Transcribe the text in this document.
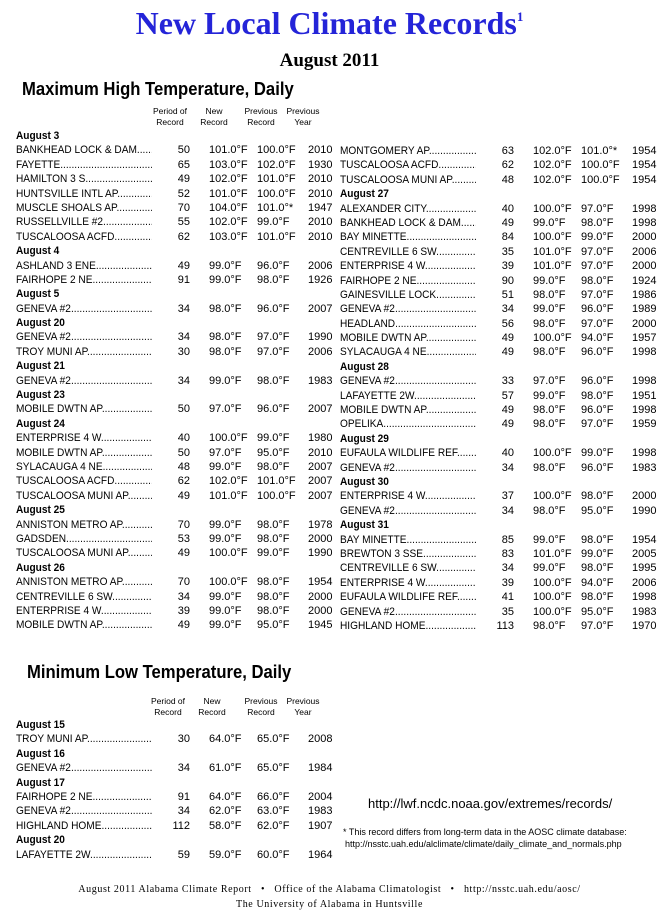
New Local Climate Records$^1$
August 2011
Maximum High Temperature, Daily
Period of Record
New Record
Previous Record
Previous Year
August 3
BANKHEAD LOCK & DAM .....	50 101.0°F 100.0°F	2010
FAYETTE .....	65 103.0°F 102.0°F	1930
HAMILTON 3 S .....	49 102.0°F 101.0°F	2010
HUNTSVILLE INTL AP .....	52 101.0°F 100.0°F	2010
MUSCLE SHOALS AP .....	70 104.0°F 101.0°*	1947
RUSSELLVILLE #2 .....	55 102.0°F 99.0°F	2010
TUSCALOOSA ACFD .....	62 103.0°F 101.0°F	2010
August 4
ASHLAND 3 ENE .....	49 99.0°F	96.0°F	2006
FAIRHOPE 2 NE .....	91 99.0°F	98.0°F	1926
August 5
GENEVA #2 .....	34 98.0°F	96.0°F	2007
August 20
GENEVA #2 .....	34 98.0°F	97.0°F	1990
TROY MUNI AP .....	30 98.0°F	97.0°F	2006
August 21
GENEVA #2 .....	34 99.0°F	98.0°F	1983
August 23
MOBILE DWTN AP .....	50 97.0°F	96.0°F	2007
August 24
ENTERPRISE 4 W .....	40 100.0°F 99.0°F	1980
MOBILE DWTN AP .....	50 97.0°F	95.0°F	2010
SYLACAUGA 4 NE .....	48 99.0°F	98.0°F	2007
TUSCALOOSA ACFD .....	62 102.0°F 101.0°F	2007
TUSCALOOSA MUNI AP .....	49 101.0°F 100.0°F	2007
August 25
ANNISTON METRO AP .....	70 99.0°F	98.0°F	1978
GADSDEN .....	53 99.0°F	98.0°F	2000
TUSCALOOSA MUNI AP .....	49 100.0°F 99.0°F	1990
August 26
ANNISTON METRO AP .....	70 100.0°F 98.0°F	1954
CENTREVILLE 6 SW .....	34 99.0°F	98.0°F	2000
ENTERPRISE 4 W .....	39 99.0°F	98.0°F	2000
MOBILE DWTN AP .....	49 99.0°F	95.0°F	1945
MONTGOMERY AP .....	63 102.0°F 101.0°*	1954
TUSCALOOSA ACFD .....	62 102.0°F 100.0°F	1954
TUSCALOOSA MUNI AP .....	48 102.0°F 100.0°F	1954
August 27
ALEXANDER CITY .....	40 100.0°F 97.0°F	1998
BANKHEAD LOCK & DAM .....	49 99.0°F	98.0°F	1998
BAY MINETTE .....	84 100.0°F 99.0°F	2000
CENTREVILLE 6 SW .....	35 101.0°F 97.0°F	2006
ENTERPRISE 4 W .....	39 101.0°F 97.0°F	2000
FAIRHOPE 2 NE .....	90 99.0°F	98.0°F	1924
GAINESVILLE LOCK .....	51 98.0°F	97.0°F	1986
GENEVA #2 .....	34 99.0°F	96.0°F	1989
HEADLAND .....	56 98.0°F	97.0°F	2000
MOBILE DWTN AP .....	49 100.0°F 94.0°F	1957
SYLACAUGA 4 NE .....	49 98.0°F	96.0°F	1998
August 28
GENEVA #2 .....	33 97.0°F	96.0°F	1998
LAFAYETTE 2W .....	57 99.0°F	98.0°F	1951
MOBILE DWTN AP .....	49 98.0°F	96.0°F	1998
OPELIKA .....	49 98.0°F	97.0°F	1959
August 29
EUFAULA WILDLIFE REF .....	40 100.0°F 99.0°F	1998
GENEVA #2 .....	34 98.0°F	96.0°F	1983
August 30
ENTERPRISE 4 W .....	37 100.0°F 98.0°F	2000
GENEVA #2 .....	34 98.0°F	95.0°F	1990
August 31
BAY MINETTE .....	85 99.0°F	98.0°F	1954
BREWTON 3 SSE .....	83 101.0°F 99.0°F	2005
CENTREVILLE 6 SW .....	34 99.0°F	98.0°F	1995
ENTERPRISE 4 W .....	39 100.0°F 94.0°F	2006
EUFAULA WILDLIFE REF .....	41 100.0°F 98.0°F	1998
GENEVA #2 .....	35 100.0°F 95.0°F	1983
HIGHLAND HOME .....	113 98.0°F	97.0°F	1970
Minimum Low Temperature, Daily
Period of Record
New Record
Previous Record
Previous Year
August 15
TROY MUNI AP .....	30 64.0°F	65.0°F	2008
August 16
GENEVA #2 .....	34 61.0°F	65.0°F	1984
August 17
FAIRHOPE 2 NE .....	91 64.0°F	66.0°F	2004
GENEVA #2 .....	34 62.0°F	63.0°F	1983
HIGHLAND HOME .....	112 58.0°F	62.0°F	1907
August 20
LAFAYETTE 2W .....	59 59.0°F	60.0°F	1964
http://lwf.ncdc.noaa.gov/extremes/records/
* This record differs from long-term data in the AOSC climate database:
http://nsstc.uah.edu/alclimate/climate/daily_climate_and_normals.php
August 2011 Alabama Climate Report   •   Office of the Alabama Climatologist   •   http://nsstc.uah.edu/aosc/
The University of Alabama in Huntsville
